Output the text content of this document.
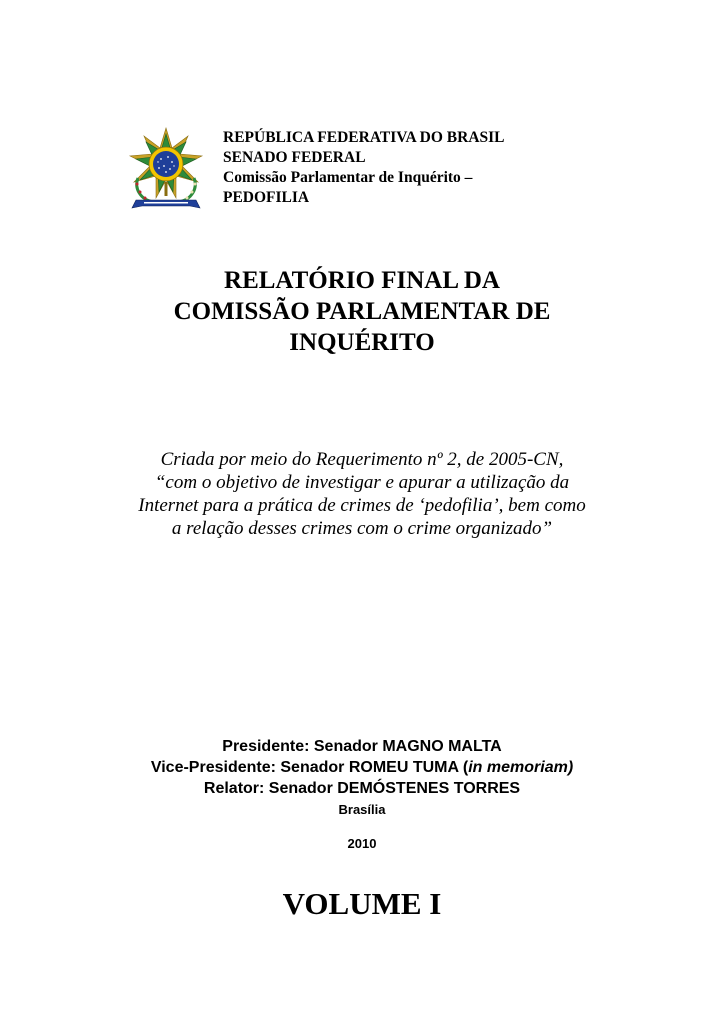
REPÚBLICA FEDERATIVA DO BRASIL
SENADO FEDERAL
Comissão Parlamentar de Inquérito –
PEDOFILIA
RELATÓRIO FINAL DA
COMISSÃO PARLAMENTAR DE
INQUÉRITO
Criada por meio do Requerimento nº 2, de 2005-CN,
“com o objetivo de investigar e apurar a utilização da
Internet para a prática de crimes de ‘pedofilia’, bem como
a relação desses crimes com o crime organizado”
Presidente: Senador MAGNO MALTA
Vice-Presidente: Senador ROMEU TUMA (in memoriam)
Relator: Senador DEMÓSTENES TORRES
Brasília
2010
VOLUME I
